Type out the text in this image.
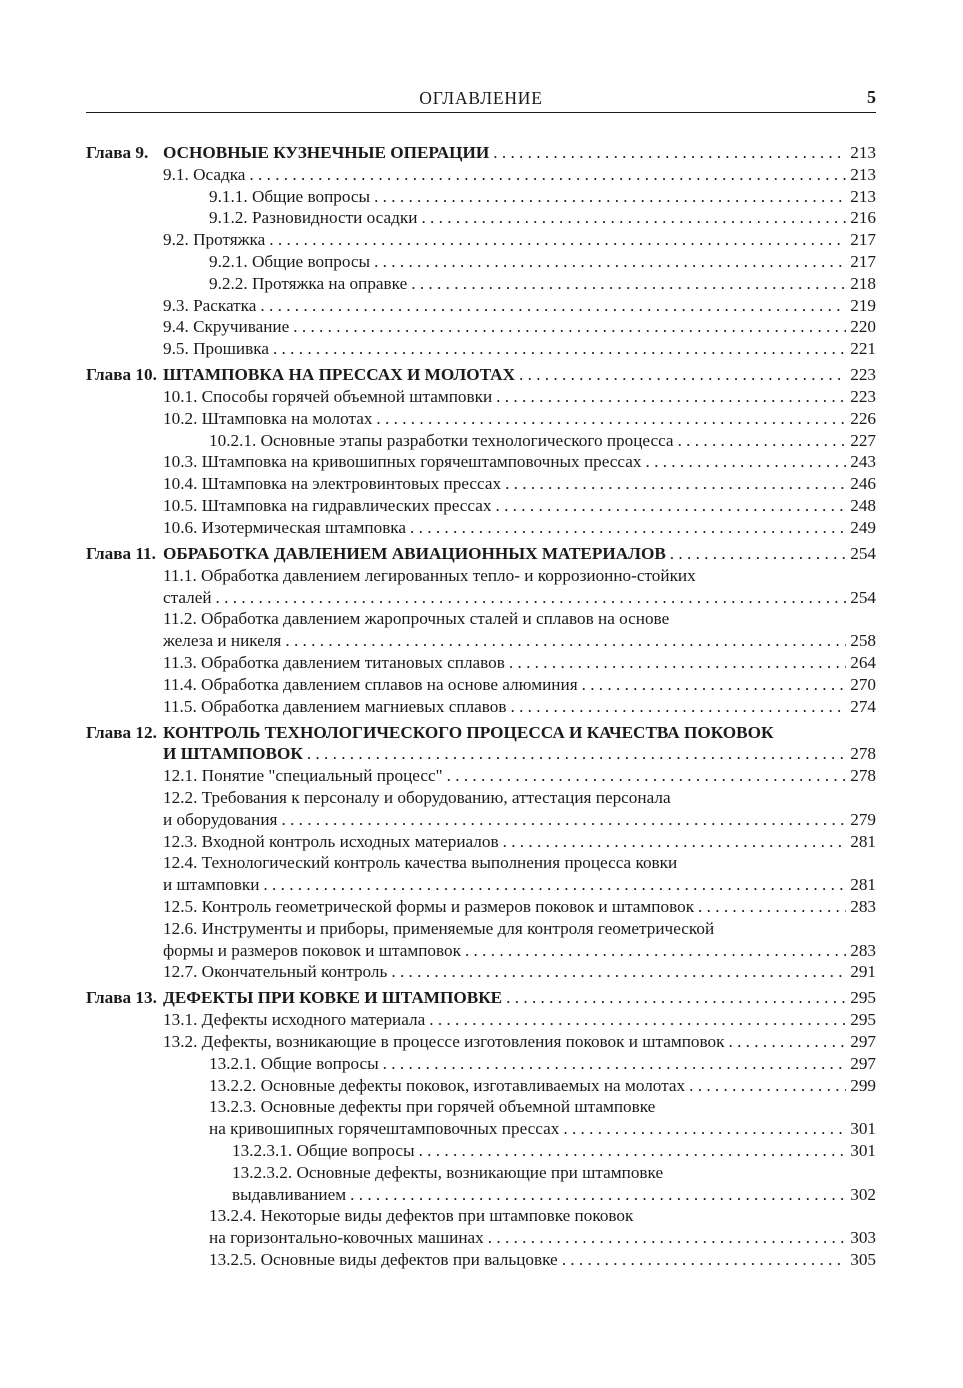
ОГЛАВЛЕНИЕ	5
Глава 9. ОСНОВНЫЕ КУЗНЕЧНЫЕ ОПЕРАЦИИ . . .	213
9.1. Осадка . . .	213
9.1.1. Общие вопросы . . .	213
9.1.2. Разновидности осадки . . .	216
9.2. Протяжка . . .	217
9.2.1. Общие вопросы . . .	217
9.2.2. Протяжка на оправке . . .	218
9.3. Раскатка . . .	219
9.4. Скручивание . . .	220
9.5. Прошивка . . .	221
Глава 10. ШТАМПОВКА НА ПРЕССАХ И МОЛОТАХ . . .	223
10.1. Способы горячей объемной штамповки . . .	223
10.2. Штамповка на молотах . . .	226
10.2.1. Основные этапы разработки технологического процесса . . .	227
10.3. Штамповка на кривошипных горячештамповочных прессах . . .	243
10.4. Штамповка на электровинтовых прессах . . .	246
10.5. Штамповка на гидравлических прессах . . .	248
10.6. Изотермическая штамповка . . .	249
Глава 11. ОБРАБОТКА ДАВЛЕНИЕМ АВИАЦИОННЫХ МАТЕРИАЛОВ . . .	254
11.1. Обработка давлением легированных тепло- и коррозионно-стойких
сталей . . .	254
11.2. Обработка давлением жаропрочных сталей и сплавов на основе
железа и никеля . . .	258
11.3. Обработка давлением титановых сплавов . . .	264
11.4. Обработка давлением сплавов на основе алюминия . . .	270
11.5. Обработка давлением магниевых сплавов . . .	274
Глава 12. КОНТРОЛЬ ТЕХНОЛОГИЧЕСКОГО ПРОЦЕССА И КАЧЕСТВА ПОКОВОК
И ШТАМПОВОК . . .	278
12.1. Понятие "специальный процесс" . . .	278
12.2. Требования к персоналу и оборудованию, аттестация персонала
и оборудования . . .	279
12.3. Входной контроль исходных материалов . . .	281
12.4. Технологический контроль качества выполнения процесса ковки
и штамповки . . .	281
12.5. Контроль геометрической формы и размеров поковок и штамповок . . .	283
12.6. Инструменты и приборы, применяемые для контроля геометрической
формы и размеров поковок и штамповок . . .	283
12.7. Окончательный контроль . . .	291
Глава 13. ДЕФЕКТЫ ПРИ КОВКЕ И ШТАМПОВКЕ . . .	295
13.1. Дефекты исходного материала . . .	295
13.2. Дефекты, возникающие в процессе изготовления поковок и штамповок . . .	297
13.2.1. Общие вопросы . . .	297
13.2.2. Основные дефекты поковок, изготавливаемых на молотах . . .	299
13.2.3. Основные дефекты при горячей объемной штамповке
на кривошипных горячештамповочных прессах . . .	301
13.2.3.1. Общие вопросы . . .	301
13.2.3.2. Основные дефекты, возникающие при штамповке
выдавливанием . . .	302
13.2.4. Некоторые виды дефектов при штамповке поковок
на горизонтально-ковочных машинах . . .	303
13.2.5. Основные виды дефектов при вальцовке . . .	305
